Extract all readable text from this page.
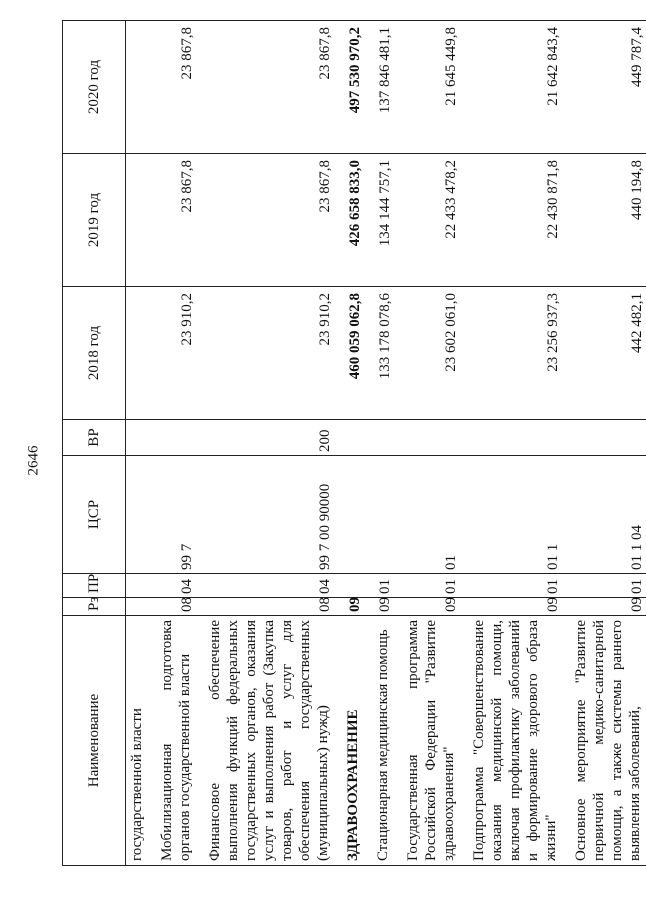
2646
Наименование	Рз	ПР	ЦСР	ВР	2018 год	2019 год	2020 год
государственной власти							

Мобилизационная подготовка органов государственной власти	08	04	99 7		23 910,2	23 867,8	23 867,8

Финансовое обеспечение выполнения функций федеральных государственных органов, оказания услуг и выполнения работ (Закупка товаров, работ и услуг для обеспечения государственных (муниципальных) нужд)	08	04	99 7 00 90000	200	23 910,2	23 867,8	23 867,8

ЗДРАВООХРАНЕНИЕ	09				460 059 062,8	426 658 833,0	497 530 970,2

Стационарная медицинская помощь	09	01			133 178 078,6	134 144 757,1	137 846 481,1

Государственная программа Российской Федерации "Развитие здравоохранения"	09	01	01		23 602 061,0	22 433 478,2	21 645 449,8

Подпрограмма "Совершенствование оказания медицинской помощи, включая профилактику заболеваний и формирование здорового образа жизни"	09	01	01 1		23 256 937,3	22 430 871,8	21 642 843,4

Основное мероприятие "Развитие первичной медико-санитарной помощи, а также системы раннего выявления заболеваний,	09	01	01 1 04		442 482,1	440 194,8	449 787,4
